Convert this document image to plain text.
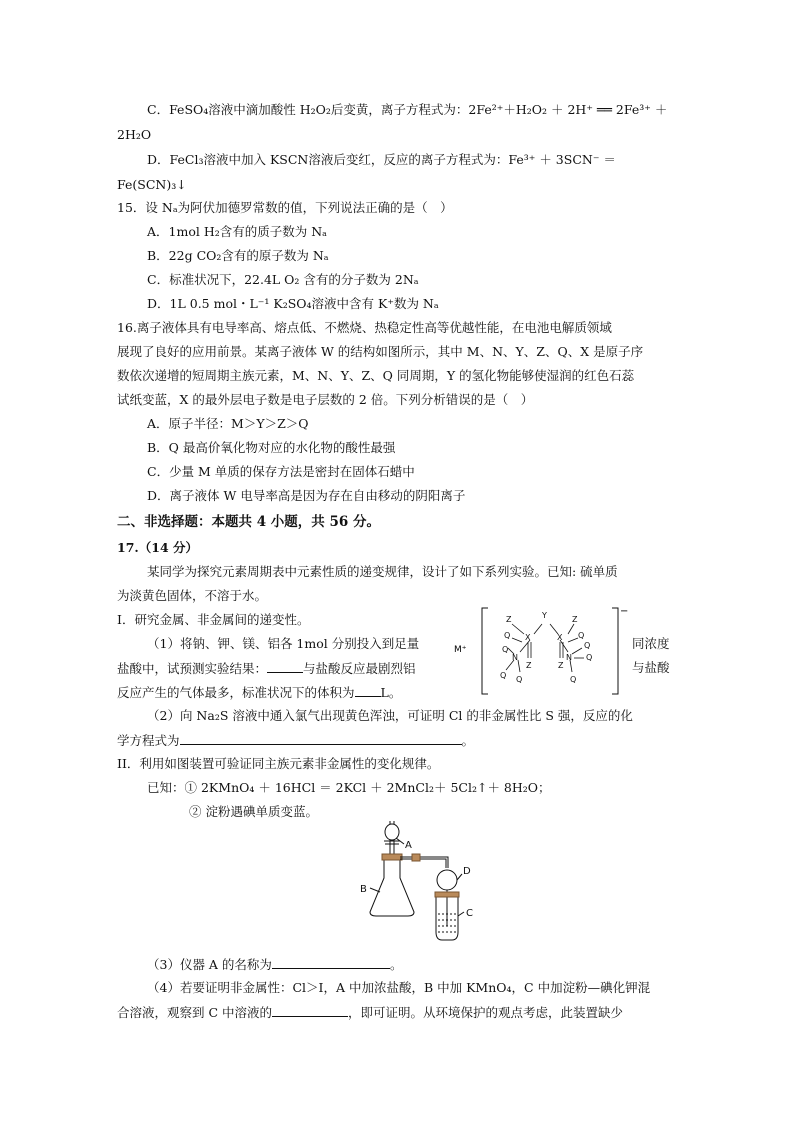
C．FeSO₄溶液中滴加酸性 H₂O₂后变黄，离子方程式为：2Fe²⁺＋H₂O₂ ＋ 2H⁺ ══ 2Fe³⁺ ＋
2H₂O
D．FeCl₃溶液中加入 KSCN溶液后变红，反应的离子方程式为：Fe³⁺ ＋ 3SCN⁻ ＝
Fe(SCN)₃↓
15．设 Nₐ为阿伏加德罗常数的值，下列说法正确的是（　）
A．1mol H₂含有的质子数为 Nₐ
B．22g CO₂含有的原子数为 Nₐ
C．标准状况下，22.4L O₂ 含有的分子数为 2Nₐ
D．1L 0.5 mol・L⁻¹ K₂SO₄溶液中含有 K⁺数为 Nₐ
16.离子液体具有电导率高、熔点低、不燃烧、热稳定性高等优越性能，在电池电解质领域
展现了良好的应用前景。某离子液体 W 的结构如图所示，其中 M、N、Y、Z、Q、X 是原子序
数依次递增的短周期主族元素，M、N、Y、Z、Q 同周期，Y 的氢化物能够使湿润的红色石蕊
试纸变蓝，X 的最外层电子数是电子层数的 2 倍。下列分析错误的是（　）
A．原子半径：M＞Y＞Z＞Q
B．Q 最高价氧化物对应的水化物的酸性最强
C．少量 M 单质的保存方法是密封在固体石蜡中
D．离子液体 W 电导率高是因为存在自由移动的阴阳离子
二、非选择题：本题共 4 小题，共 56 分。
17.（14 分）
某同学为探究元素周期表中元素性质的递变规律，设计了如下系列实验。已知: 硫单质
为淡黄色固体，不溶于水。
I．研究金属、非金属间的递变性。
（1）将钠、钾、镁、铝各 1mol 分别投入到足量
盐酸中，试预测实验结果：	与盐酸反应最剧烈铝
反应产生的气体最多，标准状况下的体积为 L。
同浓度
与盐酸
M⁺
−
Z	Y	Z
Q X	X Q
Q
N	N
Q Q
Z	Z
Q
Q
Q
（2）向 Na₂S 溶液中通入氯气出现黄色浑浊，可证明 Cl 的非金属性比 S 强，反应的化
学方程式为	。
II．利用如图装置可验证同主族元素非金属性的变化规律。
已知：① 2KMnO₄ ＋ 16HCl ＝ 2KCl ＋ 2MnCl₂＋ 5Cl₂↑＋ 8H₂O；
② 淀粉遇碘单质变蓝。
A
B
C
D
（3）仪器 A 的名称为	。
（4）若要证明非金属性：Cl＞I，A 中加浓盐酸，B 中加 KMnO₄，C 中加淀粉—碘化钾混
合溶液，观察到 C 中溶液的	，即可证明。从环境保护的观点考虑，此装置缺少
